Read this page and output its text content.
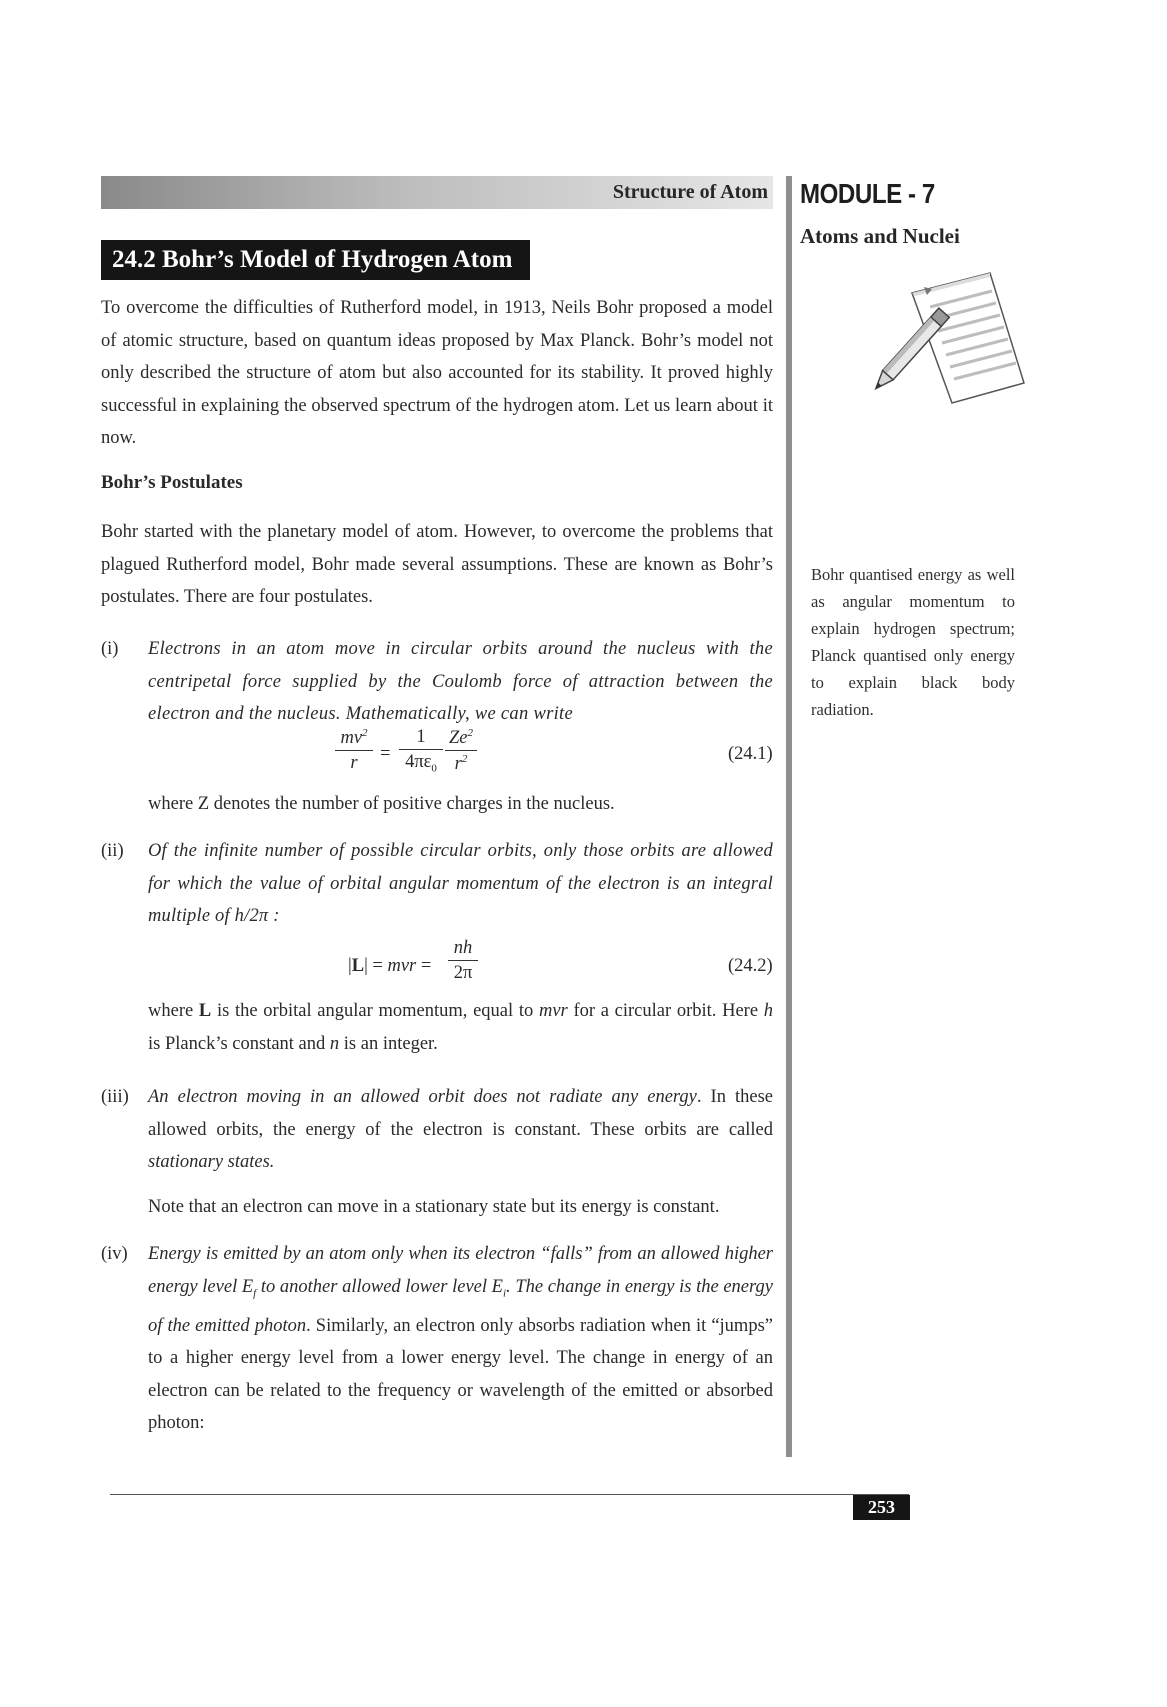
Structure of Atom MODULE - 7
Atoms and Nuclei
24.2 Bohr’s Model of Hydrogen Atom
To overcome the difficulties of Rutherford model, in 1913, Neils Bohr proposed a model of atomic structure, based on quantum ideas proposed by Max Planck. Bohr’s model not only described the structure of atom but also accounted for its stability. It proved highly successful in explaining the observed spectrum of the hydrogen atom. Let us learn about it now.
Bohr’s Postulates
Bohr started with the planetary model of atom. However, to overcome the problems that plagued Rutherford model, Bohr made several assumptions. These are known as Bohr’s postulates. There are four postulates.
(i) Electrons in an atom move in circular orbits around the nucleus with the centripetal force supplied by the Coulomb force of attraction between the electron and the nucleus. Mathematically, we can write
$\frac{mv^2}{r} = \frac{1}{4\pi\varepsilon_0} \frac{Ze^2}{r^2}$	(24.1)
where Z denotes the number of positive charges in the nucleus.
(ii) Of the infinite number of possible circular orbits, only those orbits are allowed for which the value of orbital angular momentum of the electron is an integral multiple of h/2π :
|L| = mvr = $\frac{nh}{2\pi}$	(24.2)
where L is the orbital angular momentum, equal to mvr for a circular orbit. Here h is Planck’s constant and n is an integer.
(iii) An electron moving in an allowed orbit does not radiate any energy. In these allowed orbits, the energy of the electron is constant. These orbits are called stationary states.
Note that an electron can move in a stationary state but its energy is constant.
(iv) Energy is emitted by an atom only when its electron “falls” from an allowed higher energy level $E_f$ to another allowed lower level $E_i$. The change in energy is the energy of the emitted photon. Similarly, an electron only absorbs radiation when it “jumps” to a higher energy level from a lower energy level. The change in energy of an electron can be related to the frequency or wavelength of the emitted or absorbed photon:
Bohr quantised energy as well as angular momentum to explain hydrogen spectrum; Planck quantised only energy to explain black body radiation.
253
